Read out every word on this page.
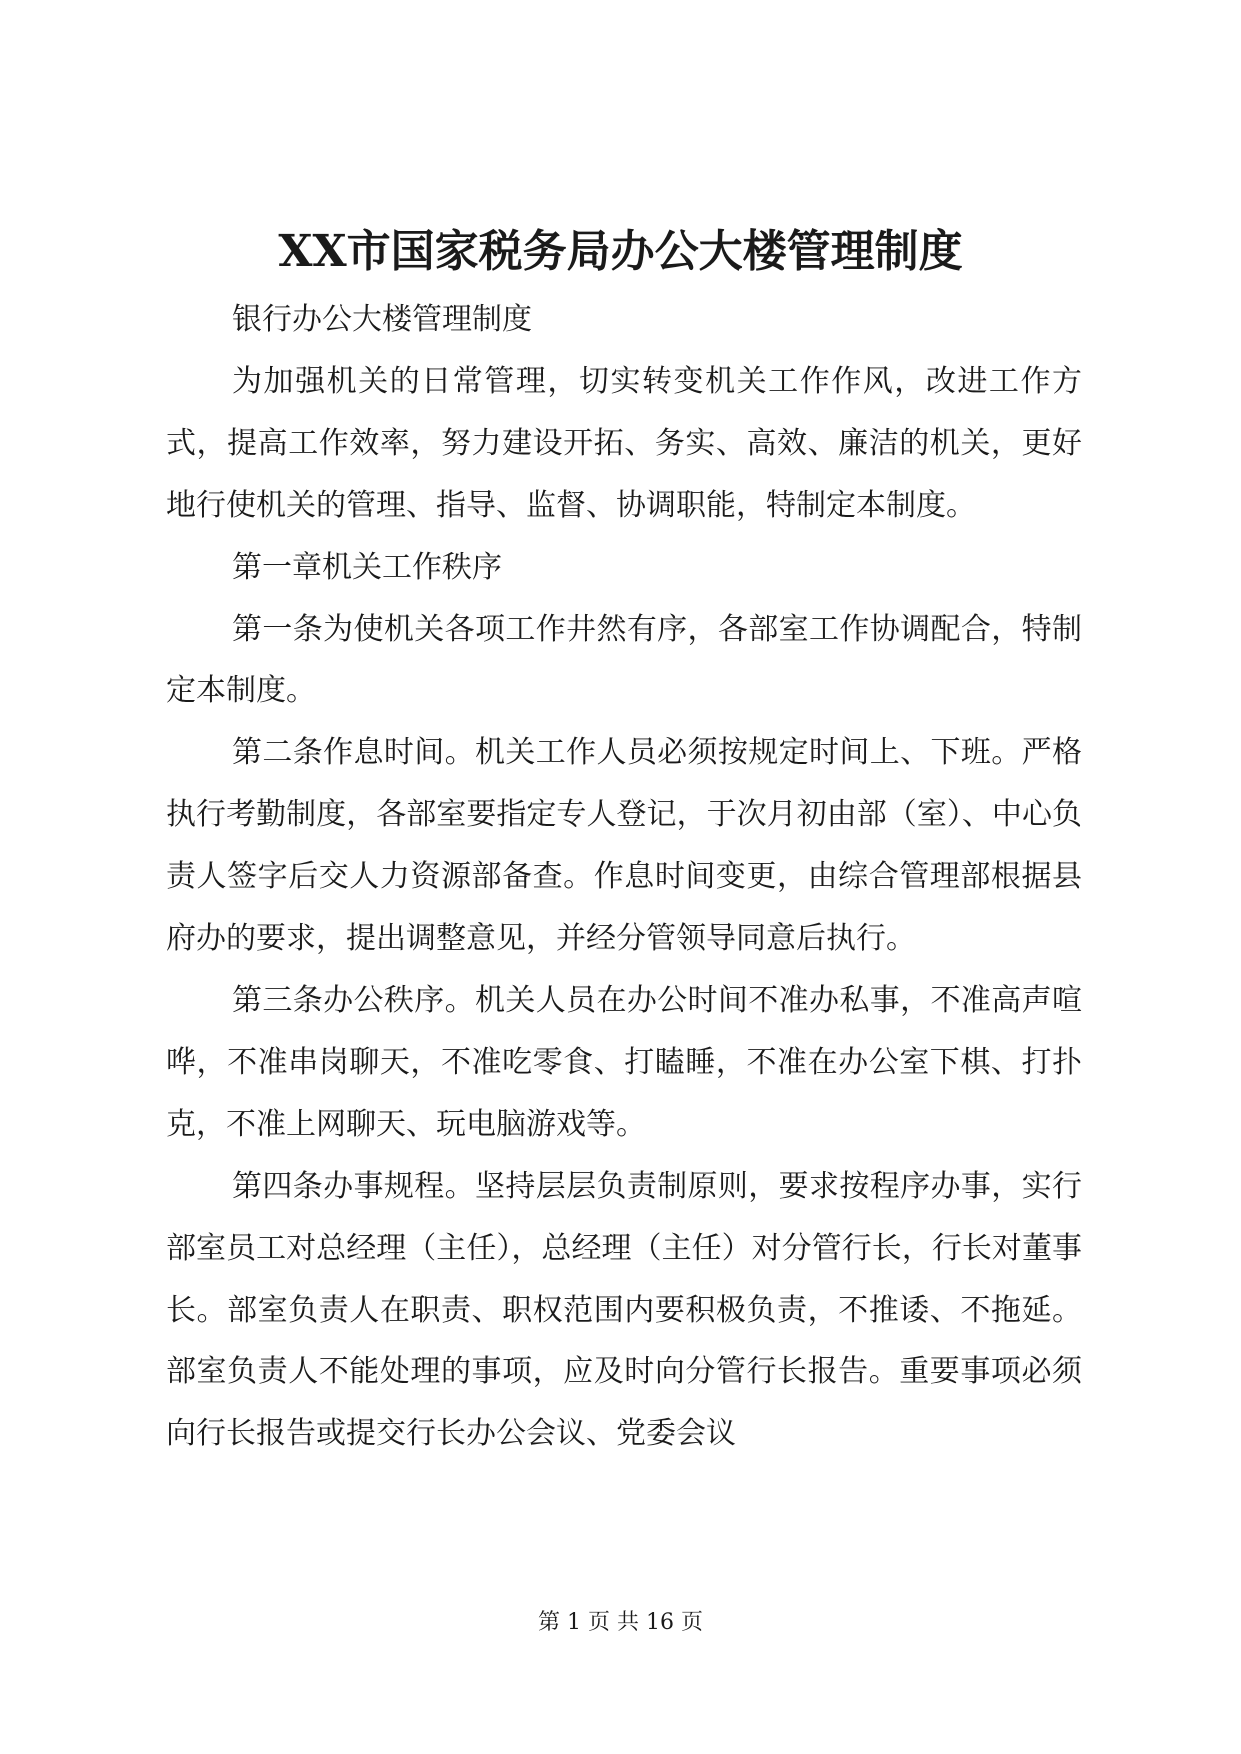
XX市国家税务局办公大楼管理制度

银行办公大楼管理制度

为加强机关的日常管理，切实转变机关工作作风，改进工作方式，提高工作效率，努力建设开拓、务实、高效、廉洁的机关，更好地行使机关的管理、指导、监督、协调职能，特制定本制度。

第一章机关工作秩序

第一条为使机关各项工作井然有序，各部室工作协调配合，特制定本制度。

第二条作息时间。机关工作人员必须按规定时间上、下班。严格执行考勤制度，各部室要指定专人登记，于次月初由部（室）、中心负责人签字后交人力资源部备查。作息时间变更，由综合管理部根据县府办的要求，提出调整意见，并经分管领导同意后执行。

第三条办公秩序。机关人员在办公时间不准办私事，不准高声喧哗，不准串岗聊天，不准吃零食、打瞌睡，不准在办公室下棋、打扑克，不准上网聊天、玩电脑游戏等。

第四条办事规程。坚持层层负责制原则，要求按程序办事，实行部室员工对总经理（主任），总经理（主任）对分管行长，行长对董事长。部室负责人在职责、职权范围内要积极负责，不推诿、不拖延。部室负责人不能处理的事项，应及时向分管行长报告。重要事项必须向行长报告或提交行长办公会议、党委会议

第 1 页 共 16 页
